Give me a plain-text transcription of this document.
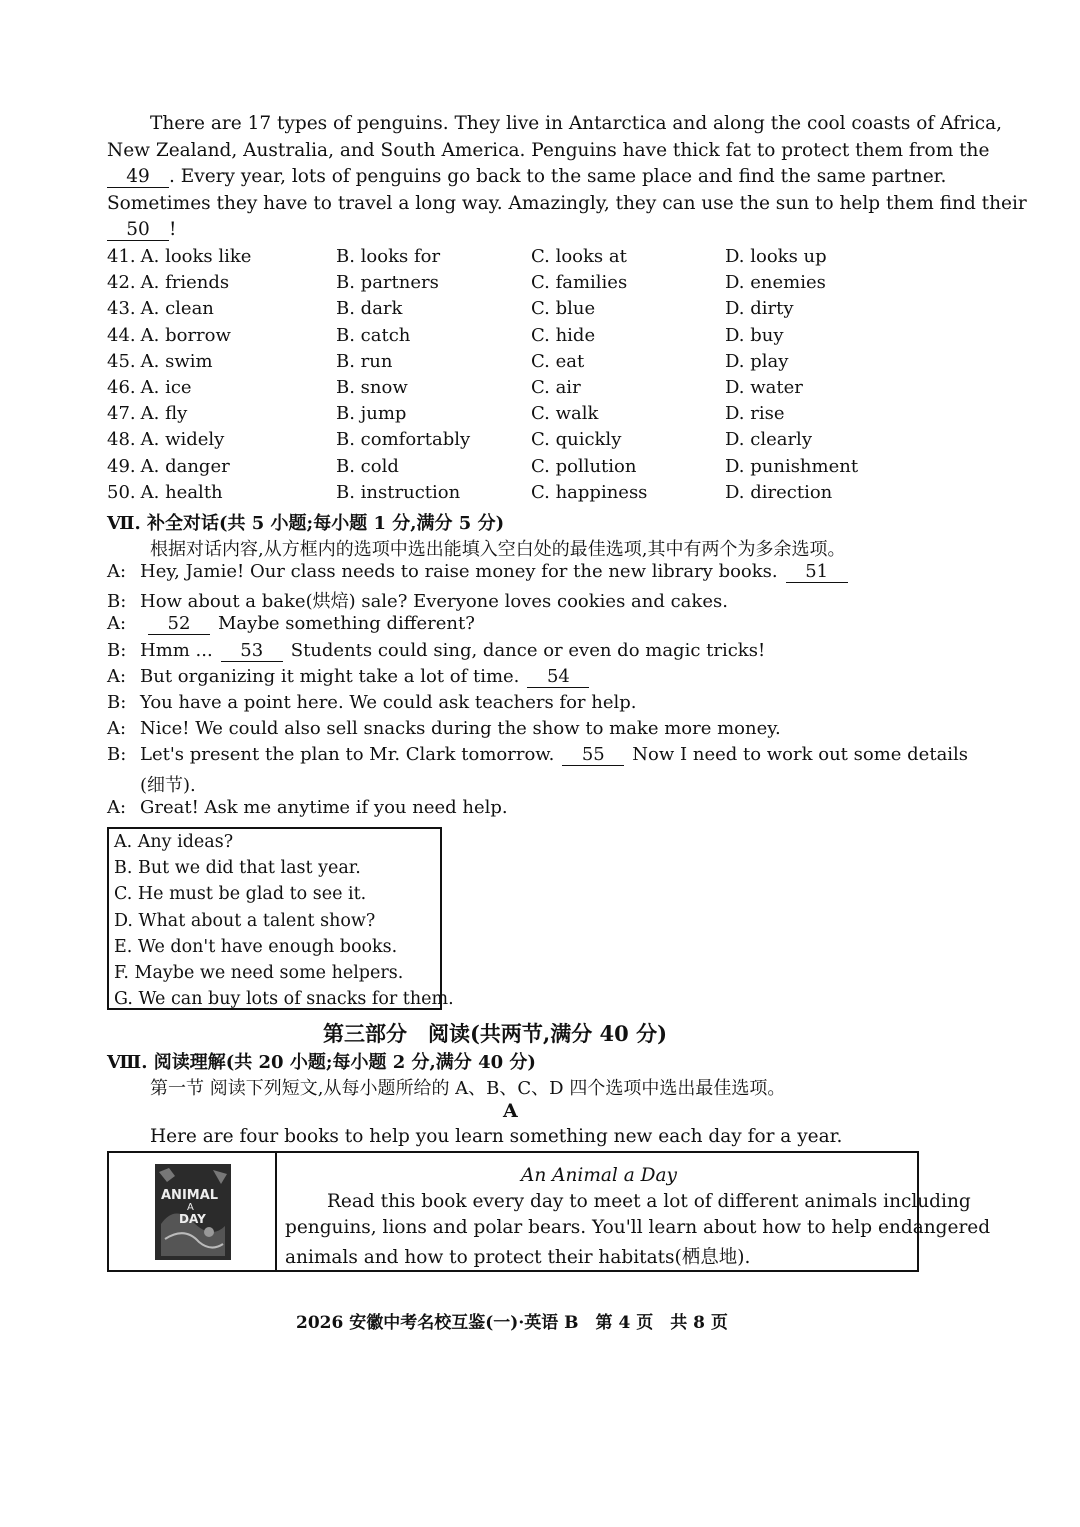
There are 17 types of penguins. They live in Antarctica and along the cool coasts of Africa,
New Zealand, Australia, and South America. Penguins have thick fat to protect them from the
49 . Every year, lots of penguins go back to the same place and find the same partner.
Sometimes they have to travel a long way. Amazingly, they can use the sun to help them find their
50 !
41. A. looks like	B. looks for	C. looks at	D. looks up
42. A. friends	B. partners	C. families	D. enemies
43. A. clean	B. dark	C. blue	D. dirty
44. A. borrow	B. catch	C. hide	D. buy
45. A. swim	B. run	C. eat	D. play
46. A. ice	B. snow	C. air	D. water
47. A. fly	B. jump	C. walk	D. rise
48. A. widely	B. comfortably	C. quickly	D. clearly
49. A. danger	B. cold	C. pollution	D. punishment
50. A. health	B. instruction	C. happiness	D. direction
Ⅶ. 补全对话(共 5 小题;每小题 1 分,满分 5 分)
根据对话内容,从方框内的选项中选出能填入空白处的最佳选项,其中有两个为多余选项。
A: Hey, Jamie! Our class needs to raise money for the new library books. 51
B: How about a bake(烘焙) sale? Everyone loves cookies and cakes.
A: 52 Maybe something different?
B: Hmm ... 53 Students could sing, dance or even do magic tricks!
A: But organizing it might take a lot of time. 54
B: You have a point here. We could ask teachers for help.
A: Nice! We could also sell snacks during the show to make more money.
B: Let's present the plan to Mr. Clark tomorrow. 55 Now I need to work out some details
(细节).
A: Great! Ask me anytime if you need help.
A. Any ideas?
B. But we did that last year.
C. He must be glad to see it.
D. What about a talent show?
E. We don't have enough books.
F. Maybe we need some helpers.
G. We can buy lots of snacks for them.
第三部分　阅读(共两节,满分 40 分)
Ⅷ. 阅读理解(共 20 小题;每小题 2 分,满分 40 分)
第一节 阅读下列短文,从每小题所给的 A、B、C、D 四个选项中选出最佳选项。
A
Here are four books to help you learn something new each day for a year.
ANIMAL
A
DAY
An Animal a Day
Read this book every day to meet a lot of different animals including
penguins, lions and polar bears. You'll learn about how to help endangered
animals and how to protect their habitats(栖息地).
2026 安徽中考名校互鉴(一)·英语 B　第 4 页　共 8 页
